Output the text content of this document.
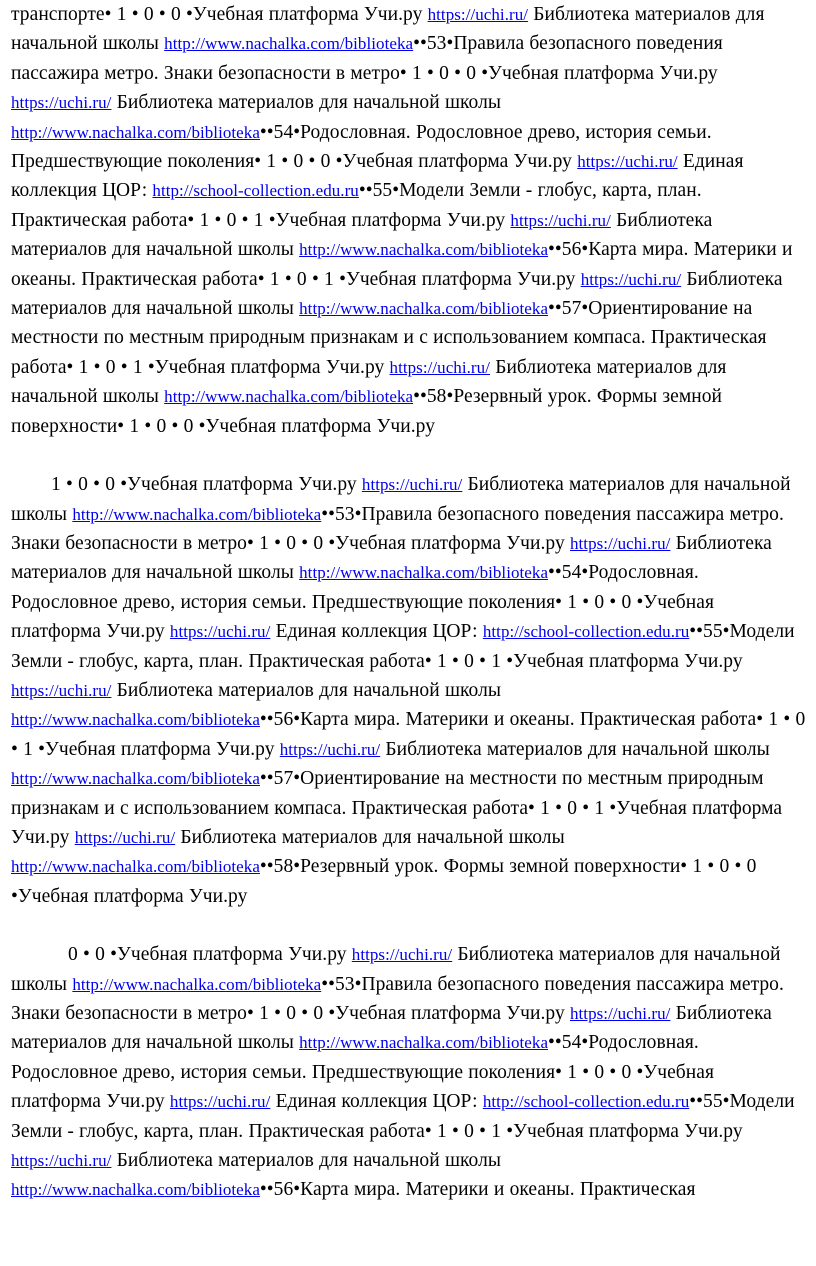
транспорте• 1 • 0 • 0 •Учебная платформа Учи.ру https://uchi.ru/ Библиотека материалов для начальной школы http://www.nachalka.com/biblioteka••53•Правила безопасного поведения пассажира метро. Знаки безопасности в метро• 1 • 0 • 0 •Учебная платформа Учи.ру https://uchi.ru/ Библиотека материалов для начальной школы http://www.nachalka.com/biblioteka••54•Родословная. Родословное древо, история семьи. Предшествующие поколения• 1 • 0 • 0 •Учебная платформа Учи.ру https://uchi.ru/ Единая коллекция ЦОР: http://school-collection.edu.ru••55•Модели Земли - глобус, карта, план. Практическая работа• 1 • 0 • 1 •Учебная платформа Учи.ру https://uchi.ru/ Библиотека материалов для начальной школы http://www.nachalka.com/biblioteka••56•Карта мира. Материки и океаны. Практическая работа• 1 • 0 • 1 •Учебная платформа Учи.ру https://uchi.ru/ Библиотека материалов для начальной школы http://www.nachalka.com/biblioteka••57•Ориентирование на местности по местным природным признакам и с использованием компаса. Практическая работа• 1 • 0 • 1 •Учебная платформа Учи.ру https://uchi.ru/ Библиотека материалов для начальной школы http://www.nachalka.com/biblioteka••58•Резервный урок. Формы земной поверхности• 1 • 0 • 0 •Учебная платформа Учи.ру

1 • 0 • 0 •Учебная платформа Учи.ру https://uchi.ru/ Библиотека материалов для начальной школы http://www.nachalka.com/biblioteka••53•Правила безопасного поведения пассажира метро. Знаки безопасности в метро• 1 • 0 • 0 •Учебная платформа Учи.ру https://uchi.ru/ Библиотека материалов для начальной школы http://www.nachalka.com/biblioteka••54•Родословная. Родословное древо, история семьи. Предшествующие поколения• 1 • 0 • 0 •Учебная платформа Учи.ру https://uchi.ru/ Единая коллекция ЦОР: http://school-collection.edu.ru••55•Модели Земли - глобус, карта, план. Практическая работа• 1 • 0 • 1 •Учебная платформа Учи.ру https://uchi.ru/ Библиотека материалов для начальной школы http://www.nachalka.com/biblioteka••56•Карта мира. Материки и океаны. Практическая работа• 1 • 0 • 1 •Учебная платформа Учи.ру https://uchi.ru/ Библиотека материалов для начальной школы http://www.nachalka.com/biblioteka••57•Ориентирование на местности по местным природным признакам и с использованием компаса. Практическая работа• 1 • 0 • 1 •Учебная платформа Учи.ру https://uchi.ru/ Библиотека материалов для начальной школы http://www.nachalka.com/biblioteka••58•Резервный урок. Формы земной поверхности• 1 • 0 • 0 •Учебная платформа Учи.ру

0 • 0 •Учебная платформа Учи.ру https://uchi.ru/ Библиотека материалов для начальной школы http://www.nachalka.com/biblioteka••53•Правила безопасного поведения пассажира метро. Знаки безопасности в метро• 1 • 0 • 0 •Учебная платформа Учи.ру https://uchi.ru/ Библиотека материалов для начальной школы http://www.nachalka.com/biblioteka••54•Родословная. Родословное древо, история семьи. Предшествующие поколения• 1 • 0 • 0 •Учебная платформа Учи.ру https://uchi.ru/ Единая коллекция ЦОР: http://school-collection.edu.ru••55•Модели Земли - глобус, карта, план. Практическая работа• 1 • 0 • 1 •Учебная платформа Учи.ру https://uchi.ru/ Библиотека материалов для начальной школы http://www.nachalka.com/biblioteka••56•Карта мира. Материки и океаны. Практическая
